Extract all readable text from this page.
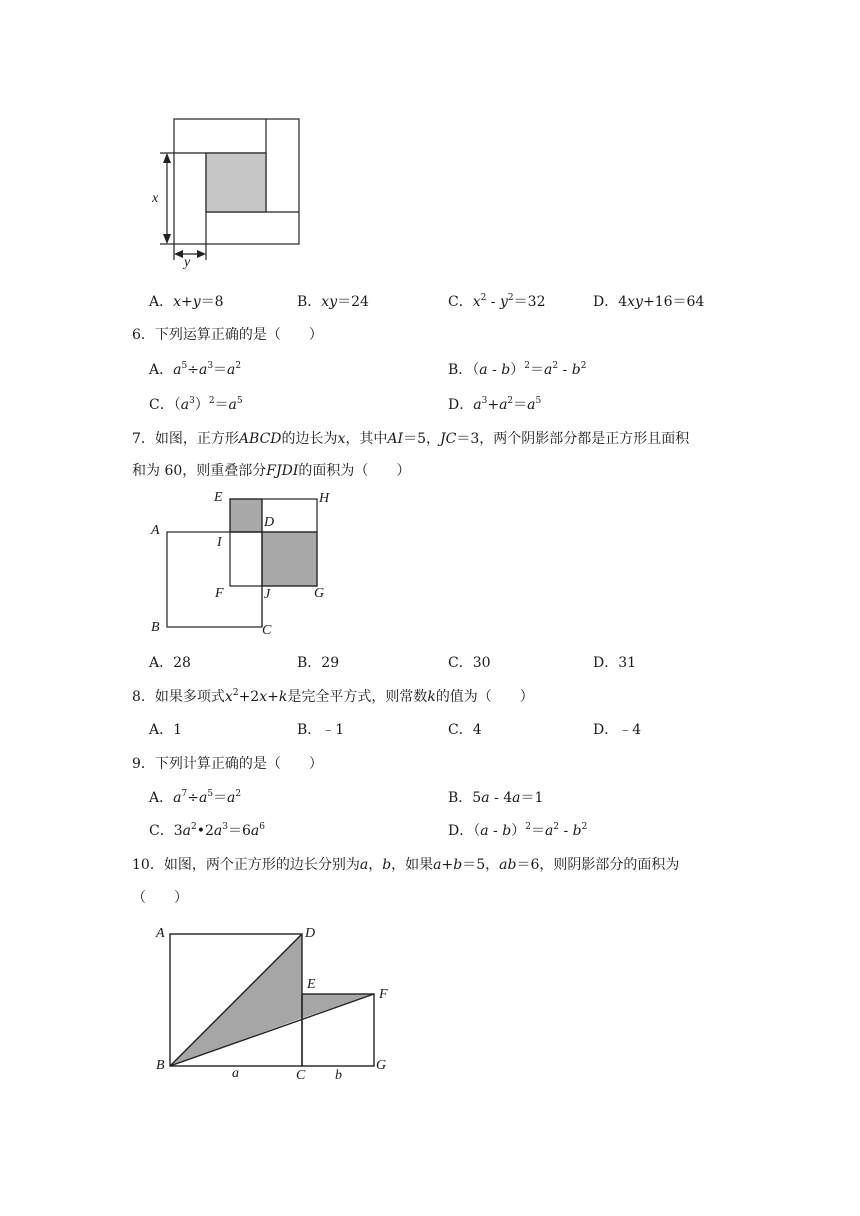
x
y
A．x+y＝8	B．xy＝24	C．$x^2 - y^2=32$	D．4xy+16＝64
6．下列运算正确的是（　　）
A．$a^5\div a^3=a^2$	B．$(a - b)^2=a^2 - b^2$
C．$(a^3)^2=a^5$	D．$a^3+a^2=a^5$
7．如图，正方形ABCD的边长为x，其中AI＝5，JC＝3，两个阴影部分都是正方形且面积
和为 60，则重叠部分FJDI的面积为（　　）
E	H
D
A
I
F	J	G
B	C
A．28	B．29	C．30	D．31
8．如果多项式$x^2+2x+k$是完全平方式，则常数k的值为（　　）
A．1	B．﹣1	C．4	D．﹣4
9．下列计算正确的是（　　）
A．$a^7\div a^5=a^2$	B．5a - 4a＝1
C．$3a^2•2a^3=6a^6$	D．$(a - b)^2=a^2 - b^2$
10．如图，两个正方形的边长分别为a，b，如果a+b＝5，ab＝6，则阴影部分的面积为
（　　）
A	D
E
F
B
C
G
a	b
